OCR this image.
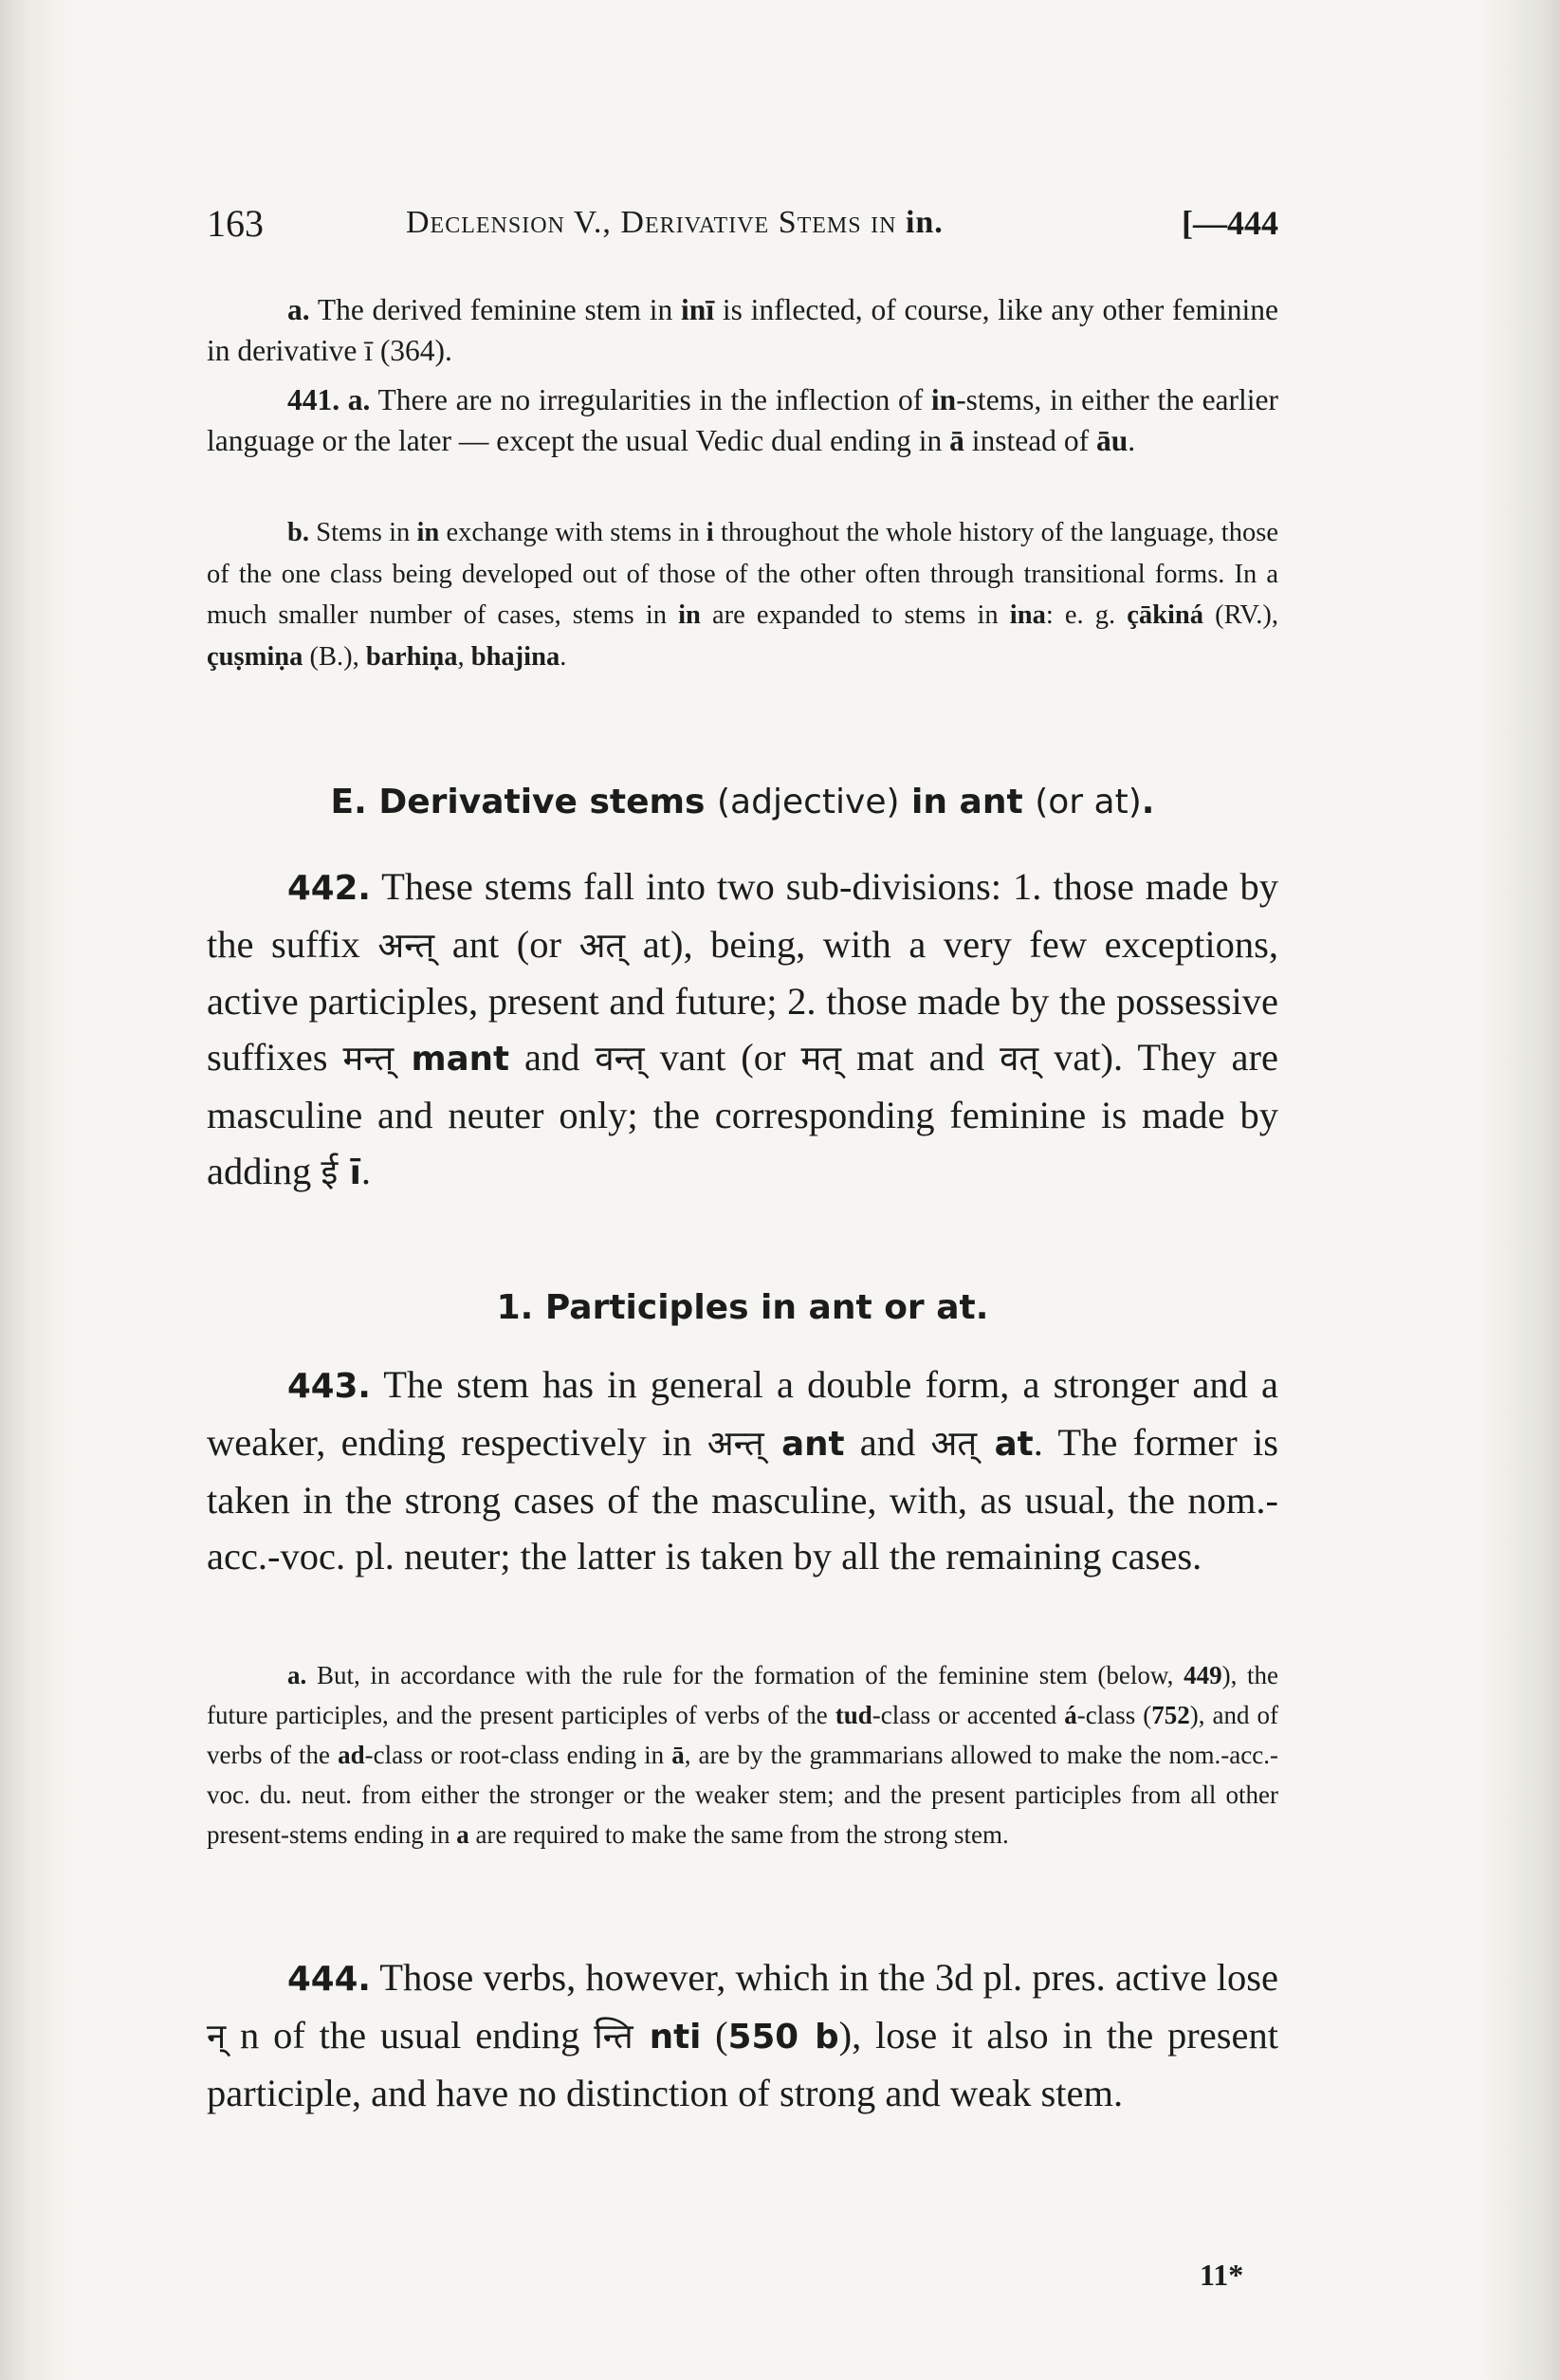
163	Declension V., Derivative Stems in in.	[—444
a. The derived feminine stem in inī is inflected, of course, like any other feminine in derivative ī (364).
441. a. There are no irregularities in the inflection of in-stems, in either the earlier language or the later — except the usual Vedic dual ending in ā instead of āu.
b. Stems in in exchange with stems in i throughout the whole history of the language, those of the one class being developed out of those of the other often through transitional forms. In a much smaller number of cases, stems in in are expanded to stems in ina: e. g. çākiná (RV.), çuṣmiṇa (B.), barhiṇa, bhajina.
E. Derivative stems (adjective) in ant (or at).
442. These stems fall into two sub-divisions: 1. those made by the suffix अन्त् ant (or अत् at), being, with a very few exceptions, active participles, present and future; 2. those made by the possessive suffixes मन्त् mant and वन्त् vant (or मत् mat and वत् vat). They are masculine and neuter only; the corresponding feminine is made by adding ई ī.
1. Participles in ant or at.
443. The stem has in general a double form, a stronger and a weaker, ending respectively in अन्त् ant and अत् at. The former is taken in the strong cases of the masculine, with, as usual, the nom.-acc.-voc. pl. neuter; the latter is taken by all the remaining cases.
a. But, in accordance with the rule for the formation of the feminine stem (below, 449), the future participles, and the present participles of verbs of the tud-class or accented á-class (752), and of verbs of the ad-class or root-class ending in ā, are by the grammarians allowed to make the nom.-acc.-voc. du. neut. from either the stronger or the weaker stem; and the present participles from all other present-stems ending in a are required to make the same from the strong stem.
444. Those verbs, however, which in the 3d pl. pres. active lose न् n of the usual ending न्ति nti (550 b), lose it also in the present participle, and have no distinction of strong and weak stem.
11*
